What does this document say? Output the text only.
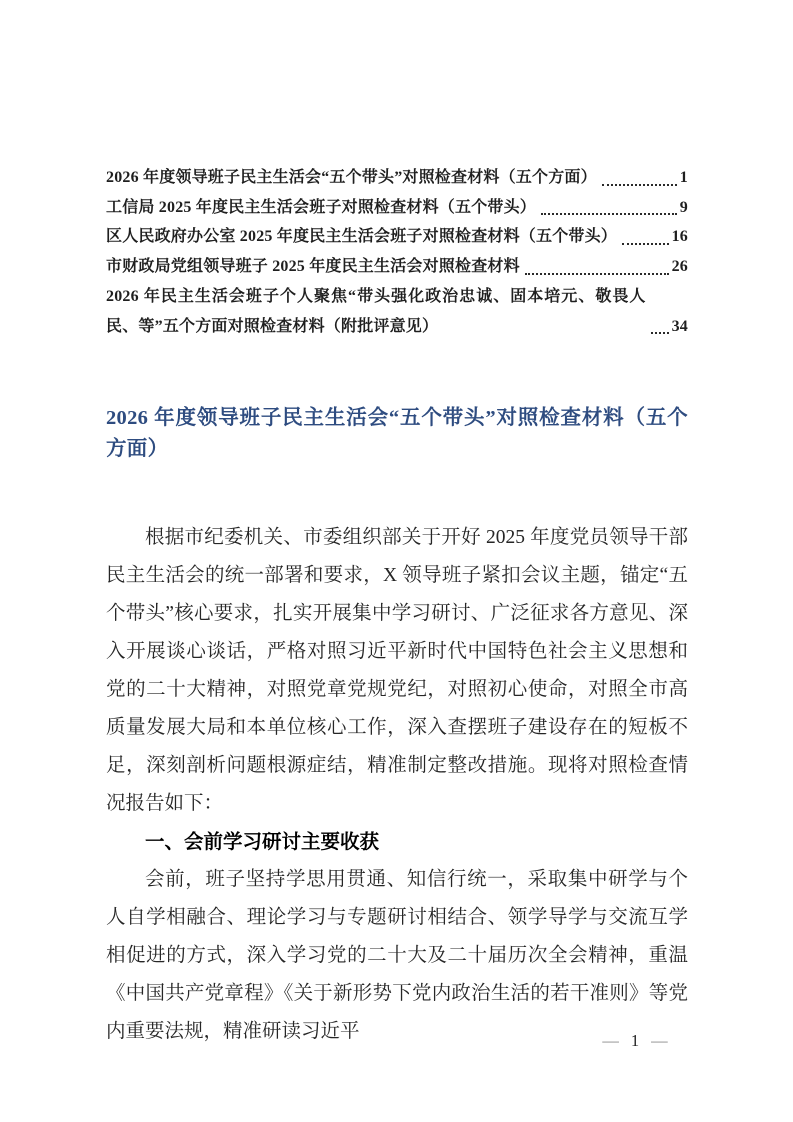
2026 年度领导班子民主生活会“五个带头”对照检查材料（五个方面）	1
工信局 2025 年度民主生活会班子对照检查材料（五个带头）	9
区人民政府办公室 2025 年度民主生活会班子对照检查材料（五个带头）	16
市财政局党组领导班子 2025 年度民主生活会对照检查材料	26
2026 年民主生活会班子个人聚焦“带头强化政治忠诚、固本培元、敬畏人民、等”五个方面对照检查材料（附批评意见）	34
2026 年度领导班子民主生活会“五个带头”对照检查材料（五个方面）

根据市纪委机关、市委组织部关于开好 2025 年度党员领导干部民主生活会的统一部署和要求，X 领导班子紧扣会议主题，锚定“五个带头”核心要求，扎实开展集中学习研讨、广泛征求各方意见、深入开展谈心谈话，严格对照习近平新时代中国特色社会主义思想和党的二十大精神，对照党章党规党纪，对照初心使命，对照全市高质量发展大局和本单位核心工作，深入查摆班子建设存在的短板不足，深刻剖析问题根源症结，精准制定整改措施。现将对照检查情况报告如下：

一、会前学习研讨主要收获

会前，班子坚持学思用贯通、知信行统一，采取集中研学与个人自学相融合、理论学习与专题研讨相结合、领学导学与交流互学相促进的方式，深入学习党的二十大及二十届历次全会精神，重温《中国共产党章程》《关于新形势下党内政治生活的若干准则》等党内重要法规，精准研读习近平	— 1 —
